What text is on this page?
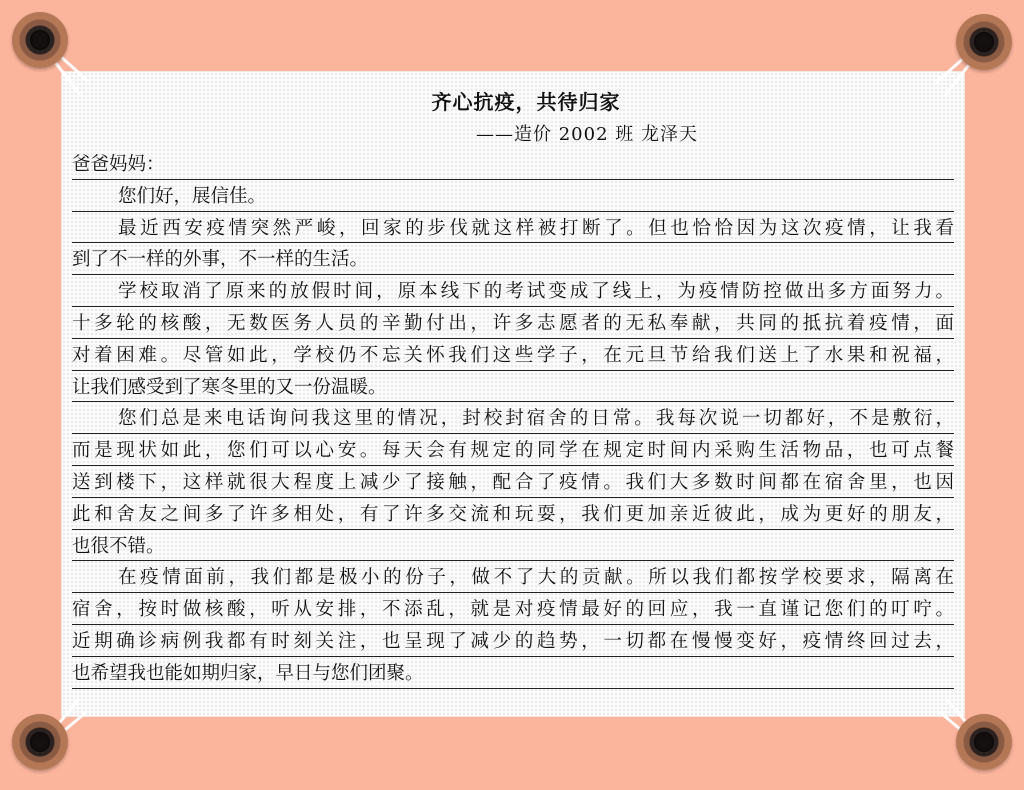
齐心抗疫，共待归家
——造价 2002 班 龙泽天
爸爸妈妈：
您们好，展信佳。
最近西安疫情突然严峻，回家的步伐就这样被打断了。但也恰恰因为这次疫情，让我看
到了不一样的外事，不一样的生活。
学校取消了原来的放假时间，原本线下的考试变成了线上，为疫情防控做出多方面努力。
十多轮的核酸，无数医务人员的辛勤付出，许多志愿者的无私奉献，共同的抵抗着疫情，面
对着困难。尽管如此，学校仍不忘关怀我们这些学子，在元旦节给我们送上了水果和祝福，
让我们感受到了寒冬里的又一份温暖。
您们总是来电话询问我这里的情况，封校封宿舍的日常。我每次说一切都好，不是敷衍，
而是现状如此，您们可以心安。每天会有规定的同学在规定时间内采购生活物品，也可点餐
送到楼下，这样就很大程度上减少了接触，配合了疫情。我们大多数时间都在宿舍里，也因
此和舍友之间多了许多相处，有了许多交流和玩耍，我们更加亲近彼此，成为更好的朋友，
也很不错。
在疫情面前，我们都是极小的份子，做不了大的贡献。所以我们都按学校要求，隔离在
宿舍，按时做核酸，听从安排，不添乱，就是对疫情最好的回应，我一直谨记您们的叮咛。
近期确诊病例我都有时刻关注，也呈现了减少的趋势，一切都在慢慢变好，疫情终回过去，
也希望我也能如期归家，早日与您们团聚。
